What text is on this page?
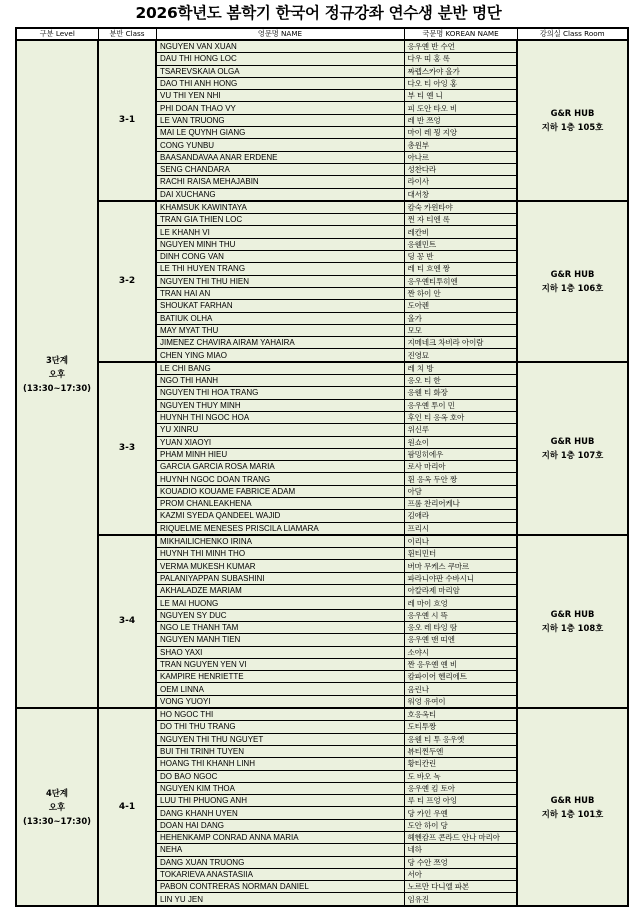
2026학년도 봄학기 한국어 정규강좌 연수생 분반 명단
구분 Level	분반 Class	영문명 NAME	국문명 KOREAN NAME	강의실 Class Room

3단계
오후
(13:30~17:30)	3-1	NGUYEN VAN XUAN	응우옌 반 수언	G&R HUB
지하 1층 105호

		DAU THI HONG LOC	다우 띠 홍 록	
		TSAREVSKAIA OLGA	짜렙스카야 올가	
		DAO THI ANH HONG	다오 티 아잉 홍	
		VU THI YEN NHI	부 티 옌 니	
		PHI DOAN THAO VY	피 도안 타오 비	
		LE VAN TRUONG	레 반 쯔엉	
		MAI LE QUYNH GIANG	마이 레 꾕 지앙	
		CONG YUNBU	총윈부	
		BAASANDAVAA ANAR ERDENE	아나르	
		SENG CHANDARA	성찬다라	
		RACHI RAISA MEHAJABIN	라이사	
		DAI XUCHANG	대서창	
	3-2	KHAMSUK KAWINTAYA	캄숙 카윈타야	G&R HUB
지하 1층 106호

		TRAN GIA THIEN LOC	쩐 자 티엔 록	
		LE KHANH VI	레칸비	
		NGUYEN MINH THU	응웬민트	
		DINH CONG VAN	딩 꽁 반	
		LE THI HUYEN TRANG	레 티 흐엔 짱	
		NGUYEN THI THU HIEN	응우옌티투히엔	
		TRAN HAI AN	짠 하이 안	
		SHOUKAT FARHAN	도아렌	
		BATIUK OLHA	올가	
		MAY MYAT THU	모모	
		JIMENEZ CHAVIRA AIRAM YAHAIRA	지메네크 차비라 아이람	
		CHEN YING MIAO	진영묘	
	3-3	LE CHI BANG	레 치 방	G&R HUB
지하 1층 107호

		NGO THI HANH	응오 티 한	
		NGUYEN THI HOA TRANG	응웬 티 화장	
		NGUYEN THUY MINH	응우옌 투이 민	
		HUYNH THI NGOC HOA	후인 티 응옥 호아	
		YU XINRU	위신루	
		YUAN XIAOYI	원쇼이	
		PHAM MINH HIEU	팜밍히에우	
		GARCIA GARCIA ROSA MARIA	로사 마리아	
		HUYNH NGOC DOAN TRANG	휜 응옥 두안 짱	
		KOUADIO KOUAME FABRICE ADAM	아담	
		PROM CHANLEAKHENA	프롬 찬리어케나	
		KAZMI SYEDA QANDEEL WAJID	김애라	
		RIQUELME MENESES PRISCILA LIAMARA	프리시	
	3-4	MIKHAILICHENKO IRINA	이리나	G&R HUB
지하 1층 108호

		HUYNH THI MINH THO	휜티민터	
		VERMA MUKESH KUMAR	버마 무케스 쿠마르	
		PALANIYAPPAN SUBASHINI	파라니야판 수바시니	
		AKHALADZE MARIAM	아칼라제 마리암	
		LE MAI HUONG	레 마이 흐엉	
		NGUYEN SY DUC	응우옌 시 뜩	
		NGO LE THANH TAM	응오 레 타잉 땀	
		NGUYEN MANH TIEN	응우옌 맨 띠엔	
		SHAO YAXI	소야시	
		TRAN NGUYEN YEN VI	짠 응우옌 옌 비	
		KAMPIRE HENRIETTE	캄파이어 헨리에트	
		OEM LINNA	옴린나	
		VONG YUOYI	워엉 유여이	

4단계
오후
(13:30~17:30)	4-1	HO NGOC THI	호응옥티	G&R HUB
지하 1층 101호

		DO THI THU TRANG	도티투짱	
		NGUYEN THI THU NGUYET	응웬 티 투 응우옛	
		BUI THI TRINH TUYEN	뷰티찐두엔	
		HOANG THI KHANH LINH	황티칸린	
		DO BAO NGOC	도 바오 녹	
		NGUYEN KIM THOA	응우옌 킴 토아	
		LUU THI PHUONG ANH	루 티 프엉 아잉	
		DANG KHANH UYEN	당 카인 우옌	
		DOAN HAI DANG	도안 하이 당	
		HEHENKAMP CONRAD ANNA MARIA	헤헨캄프 콘라드 안나 마리아	
		NEHA	네하	
		DANG XUAN TRUONG	당 수안 쯔엉	
		TOKARIEVA ANASTASIIA	서아	
		PABON CONTRERAS NORMAN DANIEL	노르만 다니엘 파본	
		LIN YU JEN	임유진	
